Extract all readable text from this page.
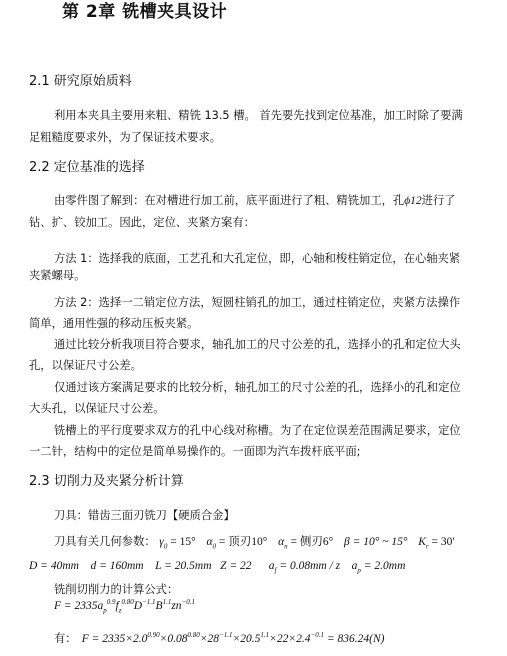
第 2章 铣槽夹具设计
2.1 研究原始质料
利用本夹具主要用来粗、精铣 13.5 槽。 首先要先找到定位基准，加工时除了要满
足粗糙度要求外，为了保证技术要求。
2.2 定位基准的选择
由零件图了解到：在对槽进行加工前，底平面进行了粗、精铣加工，孔ϕ12进行了
钻、扩、铰加工。因此，定位、夹紧方案有：
方法 1：选择我的底面，工艺孔和大孔定位，即，心轴和梭柱销定位，在心轴夹紧
夹紧螺母。
方法 2：选择一二销定位方法，短圆柱销孔的加工，通过柱销定位，夹紧方法操作
简单，通用性强的移动压板夹紧。
通过比较分析我项目符合要求，轴孔加工的尺寸公差的孔，选择小的孔和定位大头
孔，以保证尺寸公差。
仅通过该方案满足要求的比较分析，轴孔加工的尺寸公差的孔，选择小的孔和定位
大头孔，以保证尺寸公差。
铣槽上的平行度要求双方的孔中心线对称槽。为了在定位误差范围满足要求，定位
一二针，结构中的定位是简单易操作的。一面即为汽车拨杆底平面;
2.3 切削力及夹紧分析计算
刀具：错齿三面刃铣刀【硬质合金】
刀具有关几何参数： $\gamma_0 = 15^\circ$ $\alpha_0$ = 顶刃10° $\alpha_n$ = 侧刃6° β = 10° ~ 15° $K_r = 30'$
D = 40mm d = 160mm L = 20.5mm Z = 22 $a_f = 0.08mm / z$ $a_p = 2.0mm$
铣削切削力的计算公式：
$F = 2335a_p^{0.9}f_z^{0.80}D^{-1.1}B^{1.1}zn^{-0.1}$
有： $F = 2335\times 2.0^{0.90}\times 0.08^{0.80}\times 28^{-1.1}\times 20.5^{1.1}\times 22\times 2.4^{-0.1} = 836.24(N)$
